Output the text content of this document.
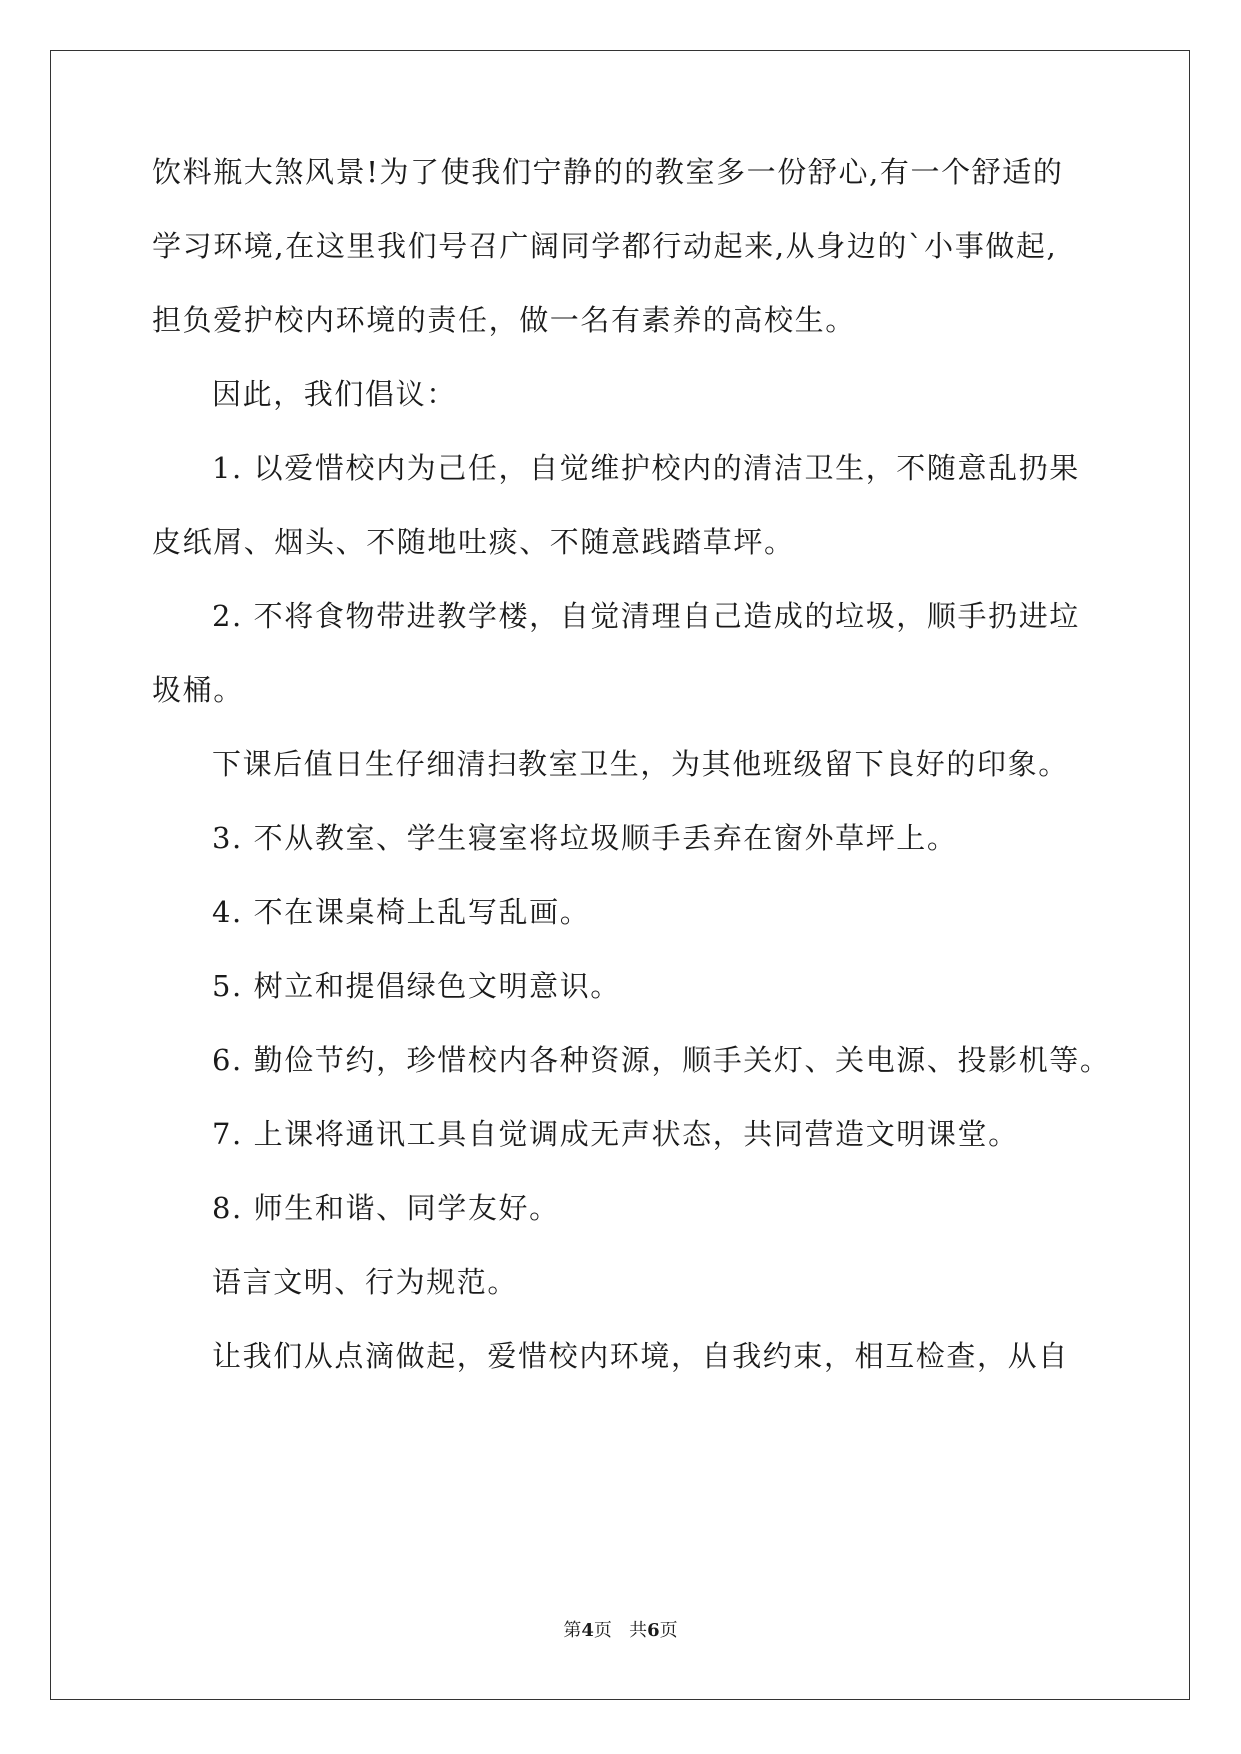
饮料瓶大煞风景!为了使我们宁静的的教室多一份舒心,有一个舒适的
学习环境,在这里我们号召广阔同学都行动起来,从身边的`小事做起,
担负爱护校内环境的责任，做一名有素养的高校生。
因此，我们倡议：
1. 以爱惜校内为己任，自觉维护校内的清洁卫生，不随意乱扔果
皮纸屑、烟头、不随地吐痰、不随意践踏草坪。
2. 不将食物带进教学楼，自觉清理自己造成的垃圾，顺手扔进垃
圾桶。
下课后值日生仔细清扫教室卫生，为其他班级留下良好的印象。
3. 不从教室、学生寝室将垃圾顺手丢弃在窗外草坪上。
4. 不在课桌椅上乱写乱画。
5. 树立和提倡绿色文明意识。
6. 勤俭节约，珍惜校内各种资源，顺手关灯、关电源、投影机等。
7. 上课将通讯工具自觉调成无声状态，共同营造文明课堂。
8. 师生和谐、同学友好。
语言文明、行为规范。
让我们从点滴做起，爱惜校内环境，自我约束，相互检查，从自
第4页 共6页
